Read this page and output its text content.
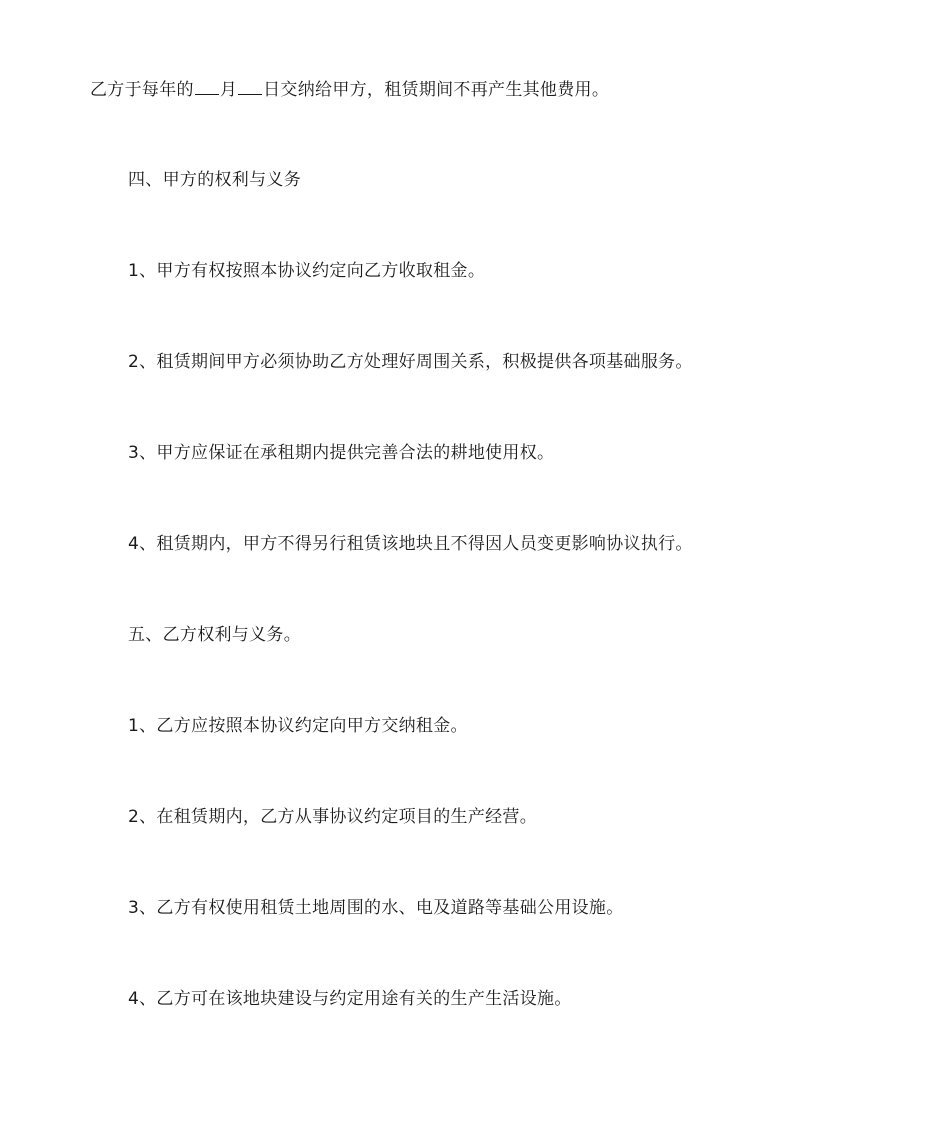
乙方于每年的 月 日交纳给甲方，租赁期间不再产生其他费用。
四、甲方的权利与义务
1、甲方有权按照本协议约定向乙方收取租金。
2、租赁期间甲方必须协助乙方处理好周围关系，积极提供各项基础服务。
3、甲方应保证在承租期内提供完善合法的耕地使用权。
4、租赁期内，甲方不得另行租赁该地块且不得因人员变更影响协议执行。
五、乙方权利与义务。
1、乙方应按照本协议约定向甲方交纳租金。
2、在租赁期内，乙方从事协议约定项目的生产经营。
3、乙方有权使用租赁土地周围的水、电及道路等基础公用设施。
4、乙方可在该地块建设与约定用途有关的生产生活设施。
